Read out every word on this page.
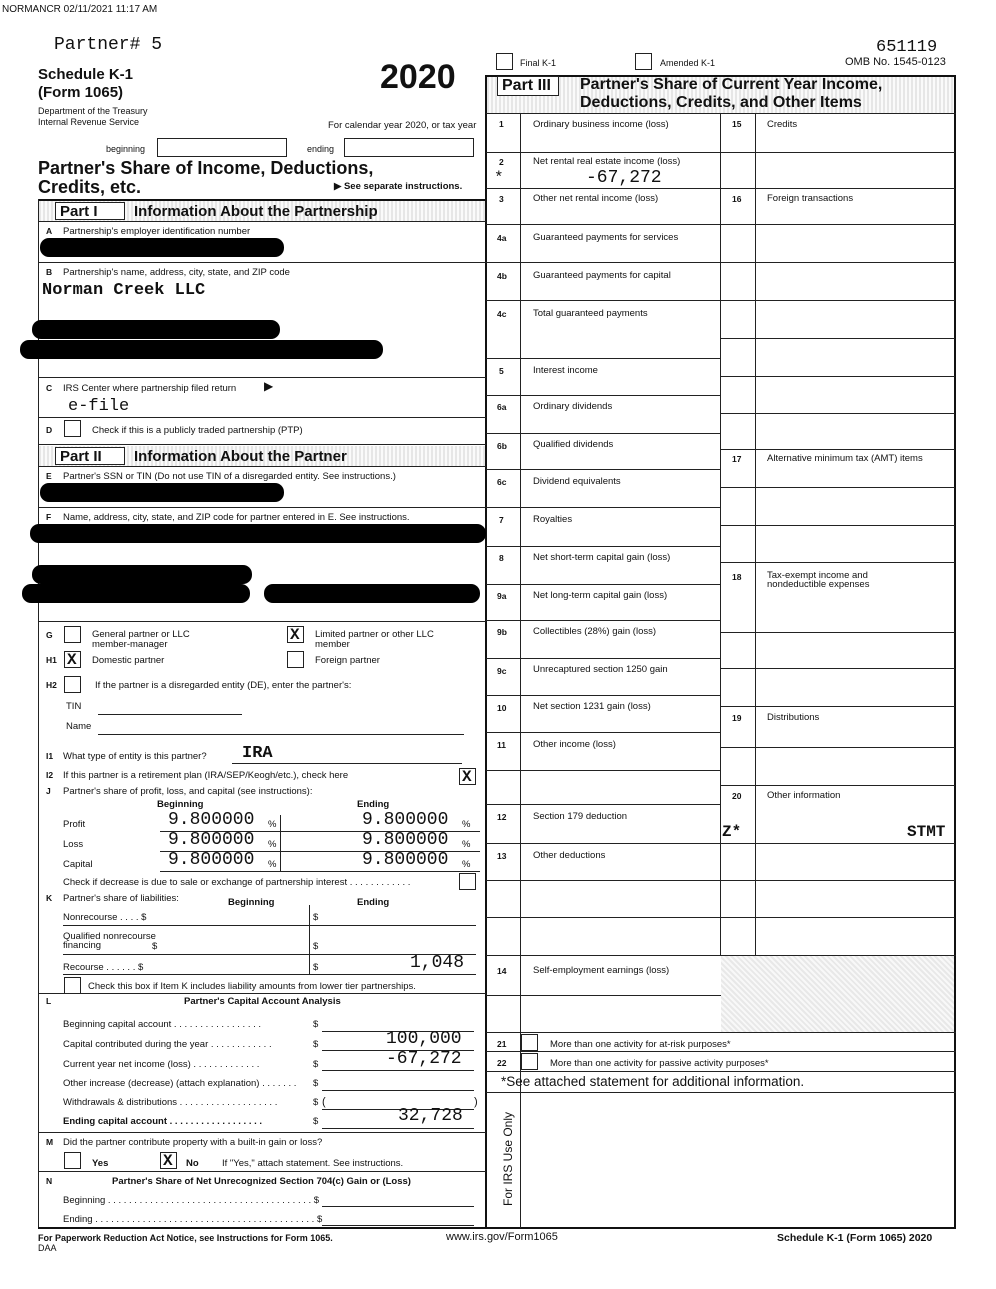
NORMANCR 02/11/2021 11:17 AM
Partner# 5	651119
Schedule K-1
(Form 1065)
Department of the Treasury
Internal Revenue Service
2020
For calendar year 2020, or tax year
beginning	ending
Partner's Share of Income, Deductions,
Credits, etc.	▶ See separate instructions.
Final K-1	Amended K-1	OMB No. 1545-0123
Part I	Information About the Partnership
A Partnership's employer identification number
B Partnership's name, address, city, state, and ZIP code
Norman Creek LLC
C IRS Center where partnership filed return ▶
e-file
D	Check if this is a publicly traded partnership (PTP)
Part II	Information About the Partner
E Partner's SSN or TIN (Do not use TIN of a disregarded entity. See instructions.)
F Name, address, city, state, and ZIP code for partner entered in E. See instructions.
G	General partner or LLC
member-manager
X
Limited partner or other LLC
member
H1 X	Domestic partner	Foreign partner
H2	If the partner is a disregarded entity (DE), enter the partner's:
TIN
Name
I1 What type of entity is this partner? IRA
I2 If this partner is a retirement plan (IRA/SEP/Keogh/etc.), check here
X
J Partner's share of profit, loss, and capital (see instructions):
Beginning	Ending
Profit	9.800000 %	9.800000 %
Loss	9.800000 %	9.800000 %
Capital	9.800000 %	9.800000 %
Check if decrease is due to sale or exchange of partnership interest . . . . . . . . . . . .
K Partner's share of liabilities:	Beginning	Ending
Nonrecourse . . . . $	$
Qualified nonrecourse
financing	$	$
Recourse . . . . . . $	$	1,048
Check this box if Item K includes liability amounts from lower tier partnerships.
L	Partner's Capital Account Analysis
Beginning capital account . . . . . . . . . . . . . . . . .	$
Capital contributed during the year . . . . . . . . . . . .	$	100,000
Current year net income (loss) . . . . . . . . . . . . .	$	-67,272
Other increase (decrease) (attach explanation) . . . . . . . $
Withdrawals & distributions . . . . . . . . . . . . . . . . . . .	$ (	)
Ending capital account . . . . . . . . . . . . . . . . . .	$	32,728
M Did the partner contribute property with a built-in gain or loss?
Yes X	No If "Yes," attach statement. See instructions.
N	Partner's Share of Net Unrecognized Section 704(c) Gain or (Loss)
Beginning . . . . . . . . . . . . . . . . . . . . . . . . . . . . . . . . . . . . . . . $
Ending . . . . . . . . . . . . . . . . . . . . . . . . . . . . . . . . . . . . . . . . . . $
Part III	Partner's Share of Current Year Income,
Deductions, Credits, and Other Items
1	Ordinary business income (loss)
2	Net rental real estate income (loss)
*	-67,272
3	Other net rental income (loss)
4a	Guaranteed payments for services
4b	Guaranteed payments for capital
4c	Total guaranteed payments
5	Interest income
6a	Ordinary dividends
6b	Qualified dividends
6c	Dividend equivalents
7	Royalties
8	Net short-term capital gain (loss)
9a	Net long-term capital gain (loss)
9b	Collectibles (28%) gain (loss)
9c	Unrecaptured section 1250 gain
10	Net section 1231 gain (loss)
11	Other income (loss)
12	Section 179 deduction
13	Other deductions
14	Self-employment earnings (loss)
15	Credits
16	Foreign transactions
17	Alternative minimum tax (AMT) items
18	Tax-exempt income and
nondeductible expenses
19	Distributions
20	Other information
Z*	STMT
21	More than one activity for at-risk purposes*
22	More than one activity for passive activity purposes*
*See attached statement for additional information.
For IRS Use Only
For Paperwork Reduction Act Notice, see Instructions for Form 1065.
DAA
www.irs.gov/Form1065	Schedule K-1 (Form 1065) 2020
